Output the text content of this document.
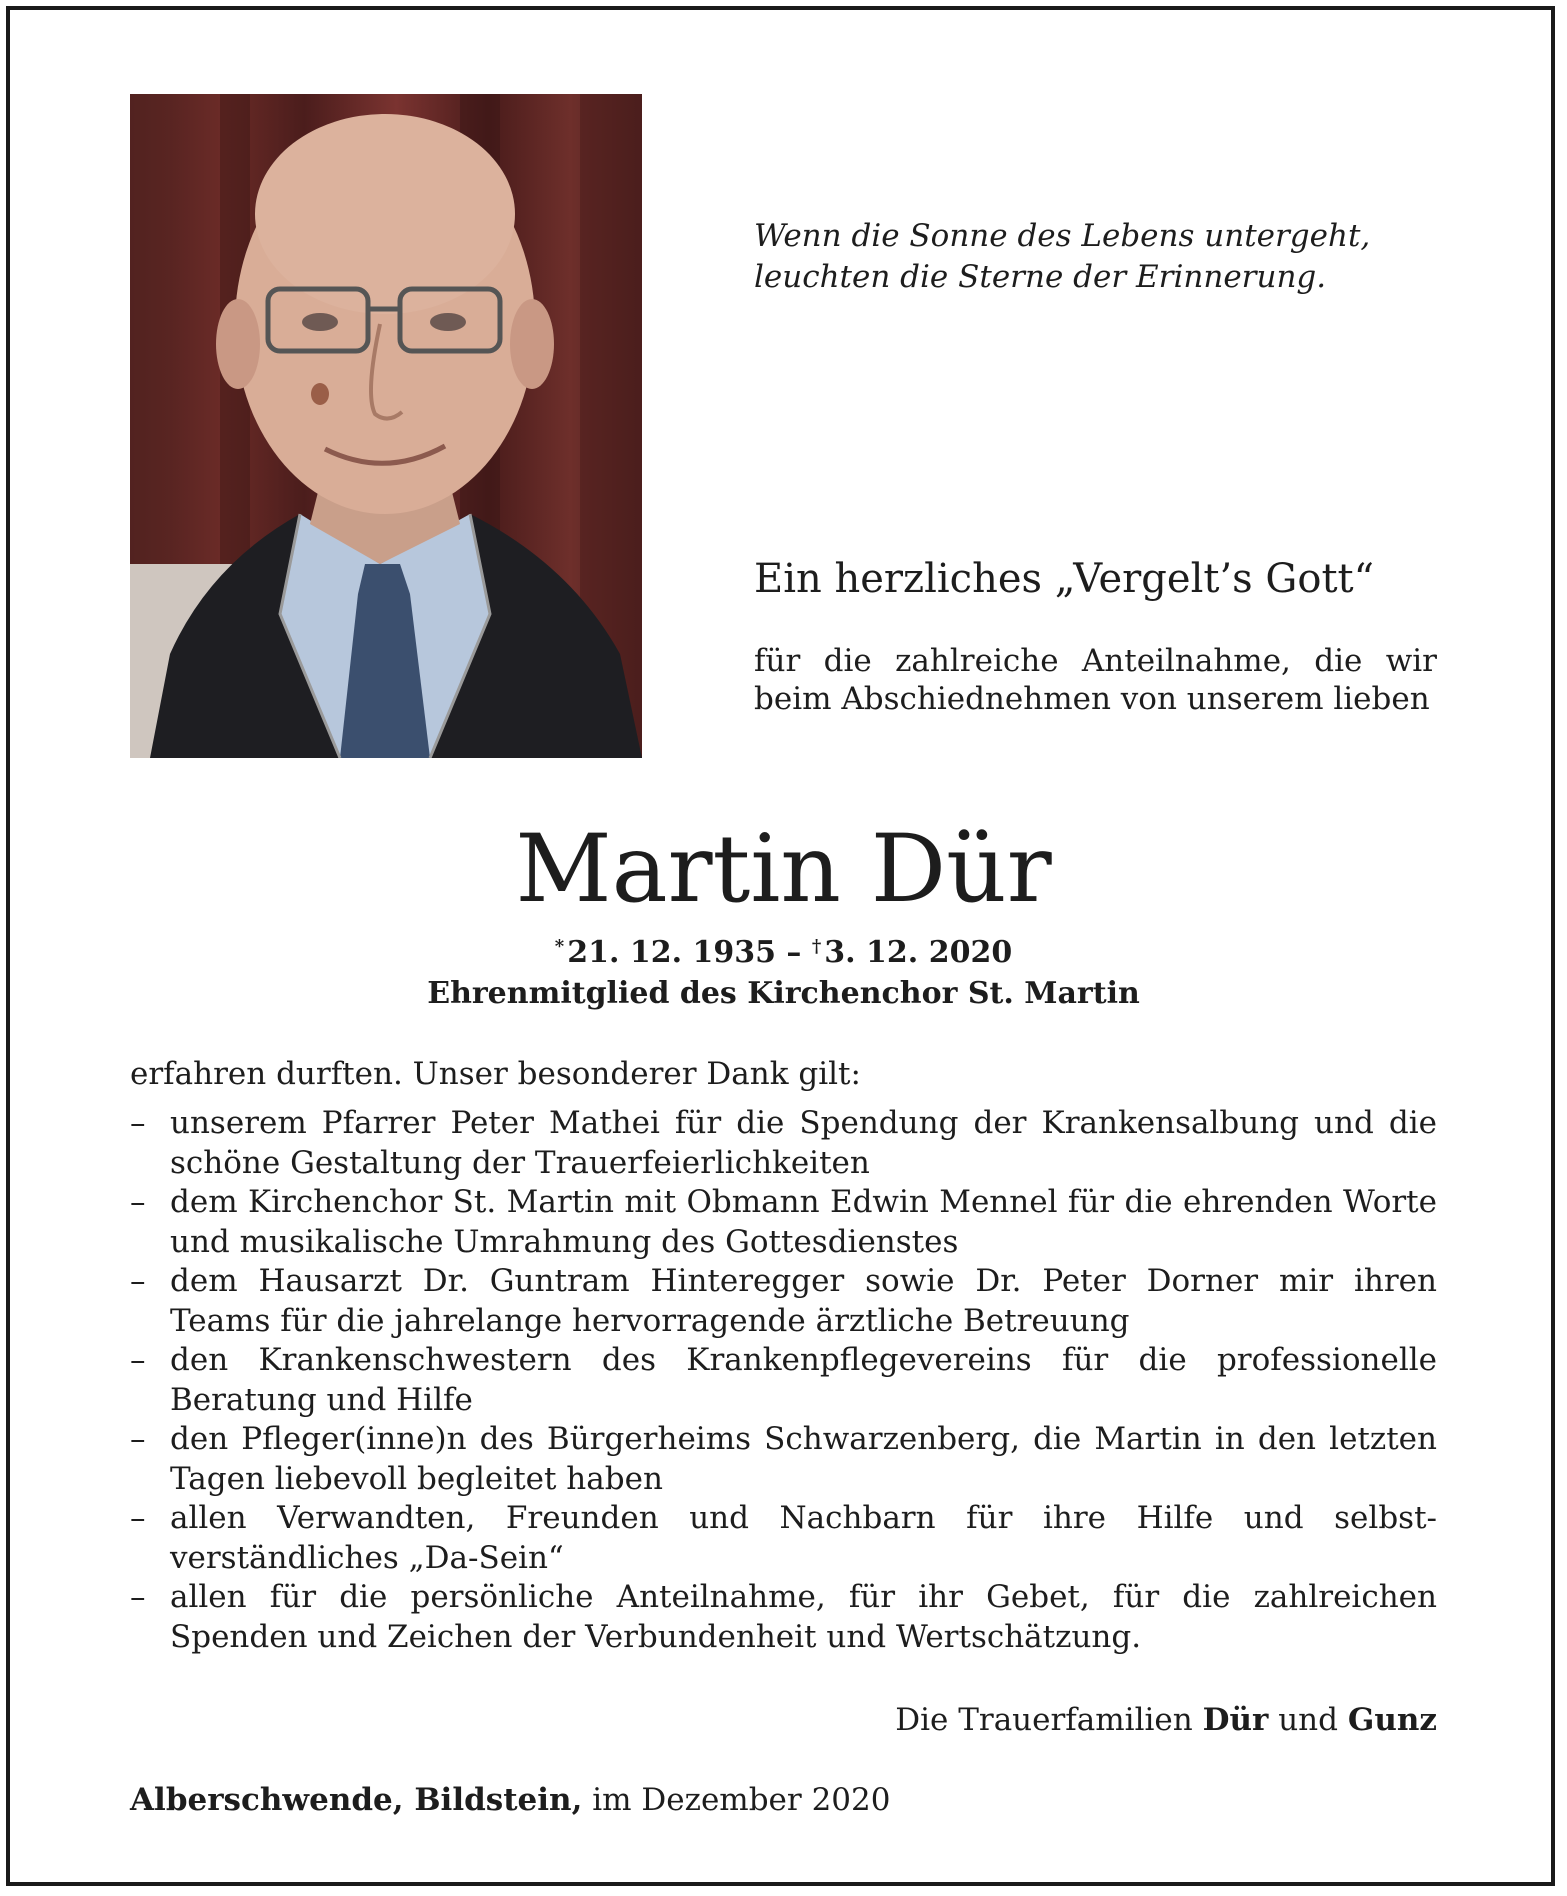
Wenn die Sonne des Lebens untergeht,
leuchten die Sterne der Erinnerung.
Ein herzliches „Vergelt’s Gott“
für die zahlreiche Anteilnahme, die wir beim Abschiednehmen von unserem lieben
Martin Dür
*  21. 12. 1935 – †  3. 12. 2020
Ehrenmitglied des Kirchenchor St. Martin
erfahren durften. Unser besonderer Dank gilt:
– unserem Pfarrer Peter Mathei für die Spendung der Krankensalbung und die schöne Gestaltung der Trauerfeierlichkeiten
– dem Kirchenchor St. Martin mit Obmann Edwin Mennel für die ehrenden Worte und musikalische Umrahmung des Gottesdienstes
– dem Hausarzt Dr. Guntram Hinteregger sowie Dr. Peter Dorner mir ihren Teams für die jahrelange hervorragende ärztliche Betreuung
– den Krankenschwestern des Krankenpflegevereins für die professionelle Beratung und Hilfe
– den Pfleger(inne)n des Bürgerheims Schwarzenberg, die Martin in den letzten Tagen liebevoll begleitet haben
– allen Verwandten, Freunden und Nachbarn für ihre Hilfe und selbst-verständliches „Da-Sein“
– allen für die persönliche Anteilnahme, für ihr Gebet, für die zahlreichen Spenden und Zeichen der Verbundenheit und Wertschätzung.
Die Trauerfamilien Dür und Gunz
Alberschwende, Bildstein, im Dezember 2020
